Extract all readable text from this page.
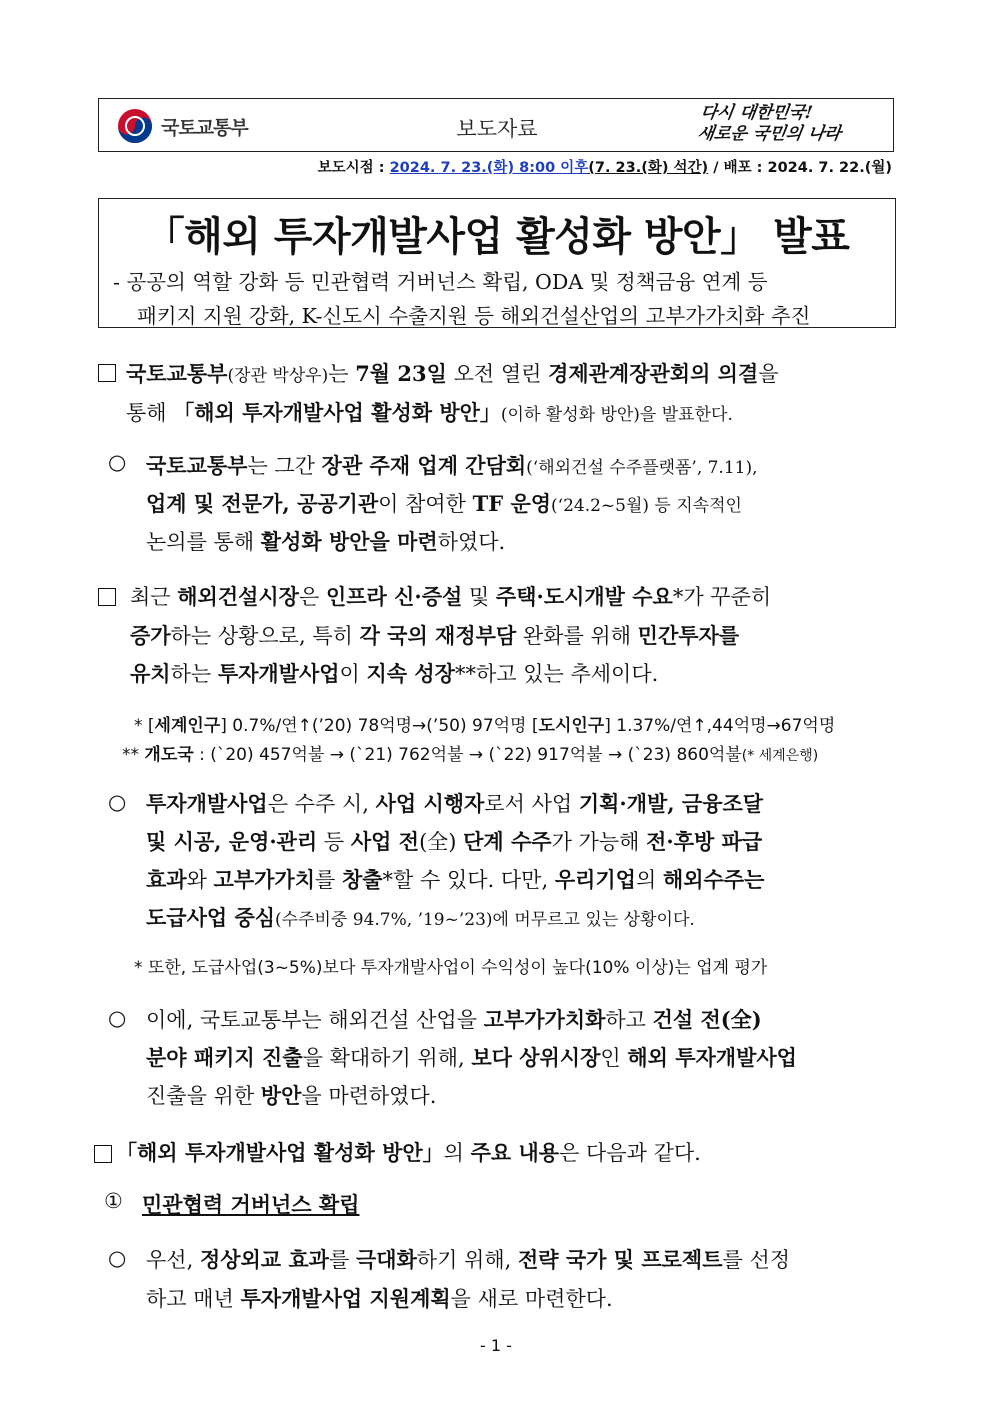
국토교통부	보도자료
다시 대한민국!
새로운 국민의 나라
보도시점 : 2024. 7. 23.(화) 8:00 이후(7. 23.(화) 석간) / 배포 : 2024. 7. 22.(월)
「해외 투자개발사업 활성화 방안」 발표
- 공공의 역할 강화 등 민관협력 거버넌스 확립, ODA 및 정책금융 연계 등
패키지 지원 강화, K-신도시 수출지원 등 해외건설산업의 고부가가치화 추진
국토교통부(장관 박상우)는 7월 23일 오전 열린 경제관계장관회의 의결을
통해 「해외 투자개발사업 활성화 방안」(이하 활성화 방안)을 발표한다.
○ 국토교통부는 그간 장관 주재 업계 간담회(‘해외건설 수주플랫폼’, 7.11),
업계 및 전문가, 공공기관이 참여한 TF 운영(‘24.2~5월) 등 지속적인
논의를 통해 활성화 방안을 마련하였다.
최근 해외건설시장은 인프라 신·증설 및 주택·도시개발 수요*가 꾸준히
증가하는 상황으로, 특히 각 국의 재정부담 완화를 위해 민간투자를
유치하는 투자개발사업이 지속 성장**하고 있는 추세이다.
* [세계인구] 0.7%/연↑(’20) 78억명→(’50) 97억명 [도시인구] 1.37%/연↑,44억명→67억명
** 개도국 : (`20) 457억불 → (`21) 762억불 → (`22) 917억불 → (`23) 860억불(* 세계은행)
○ 투자개발사업은 수주 시, 사업 시행자로서 사업 기획·개발, 금융조달
및 시공, 운영·관리 등 사업 전(全) 단계 수주가 가능해 전·후방 파급
효과와 고부가가치를 창출*할 수 있다. 다만, 우리기업의 해외수주는
도급사업 중심(수주비중 94.7%, ’19~’23)에 머무르고 있는 상황이다.
* 또한, 도급사업(3~5%)보다 투자개발사업이 수익성이 높다(10% 이상)는 업계 평가
○ 이에, 국토교통부는 해외건설 산업을 고부가가치화하고 건설 전(全)
분야 패키지 진출을 확대하기 위해, 보다 상위시장인 해외 투자개발사업
진출을 위한 방안을 마련하였다.
「해외 투자개발사업 활성화 방안」의 주요 내용은 다음과 같다.
① 민관협력 거버넌스 확립
○ 우선, 정상외교 효과를 극대화하기 위해, 전략 국가 및 프로젝트를 선정
하고 매년 투자개발사업 지원계획을 새로 마련한다.
- 1 -
